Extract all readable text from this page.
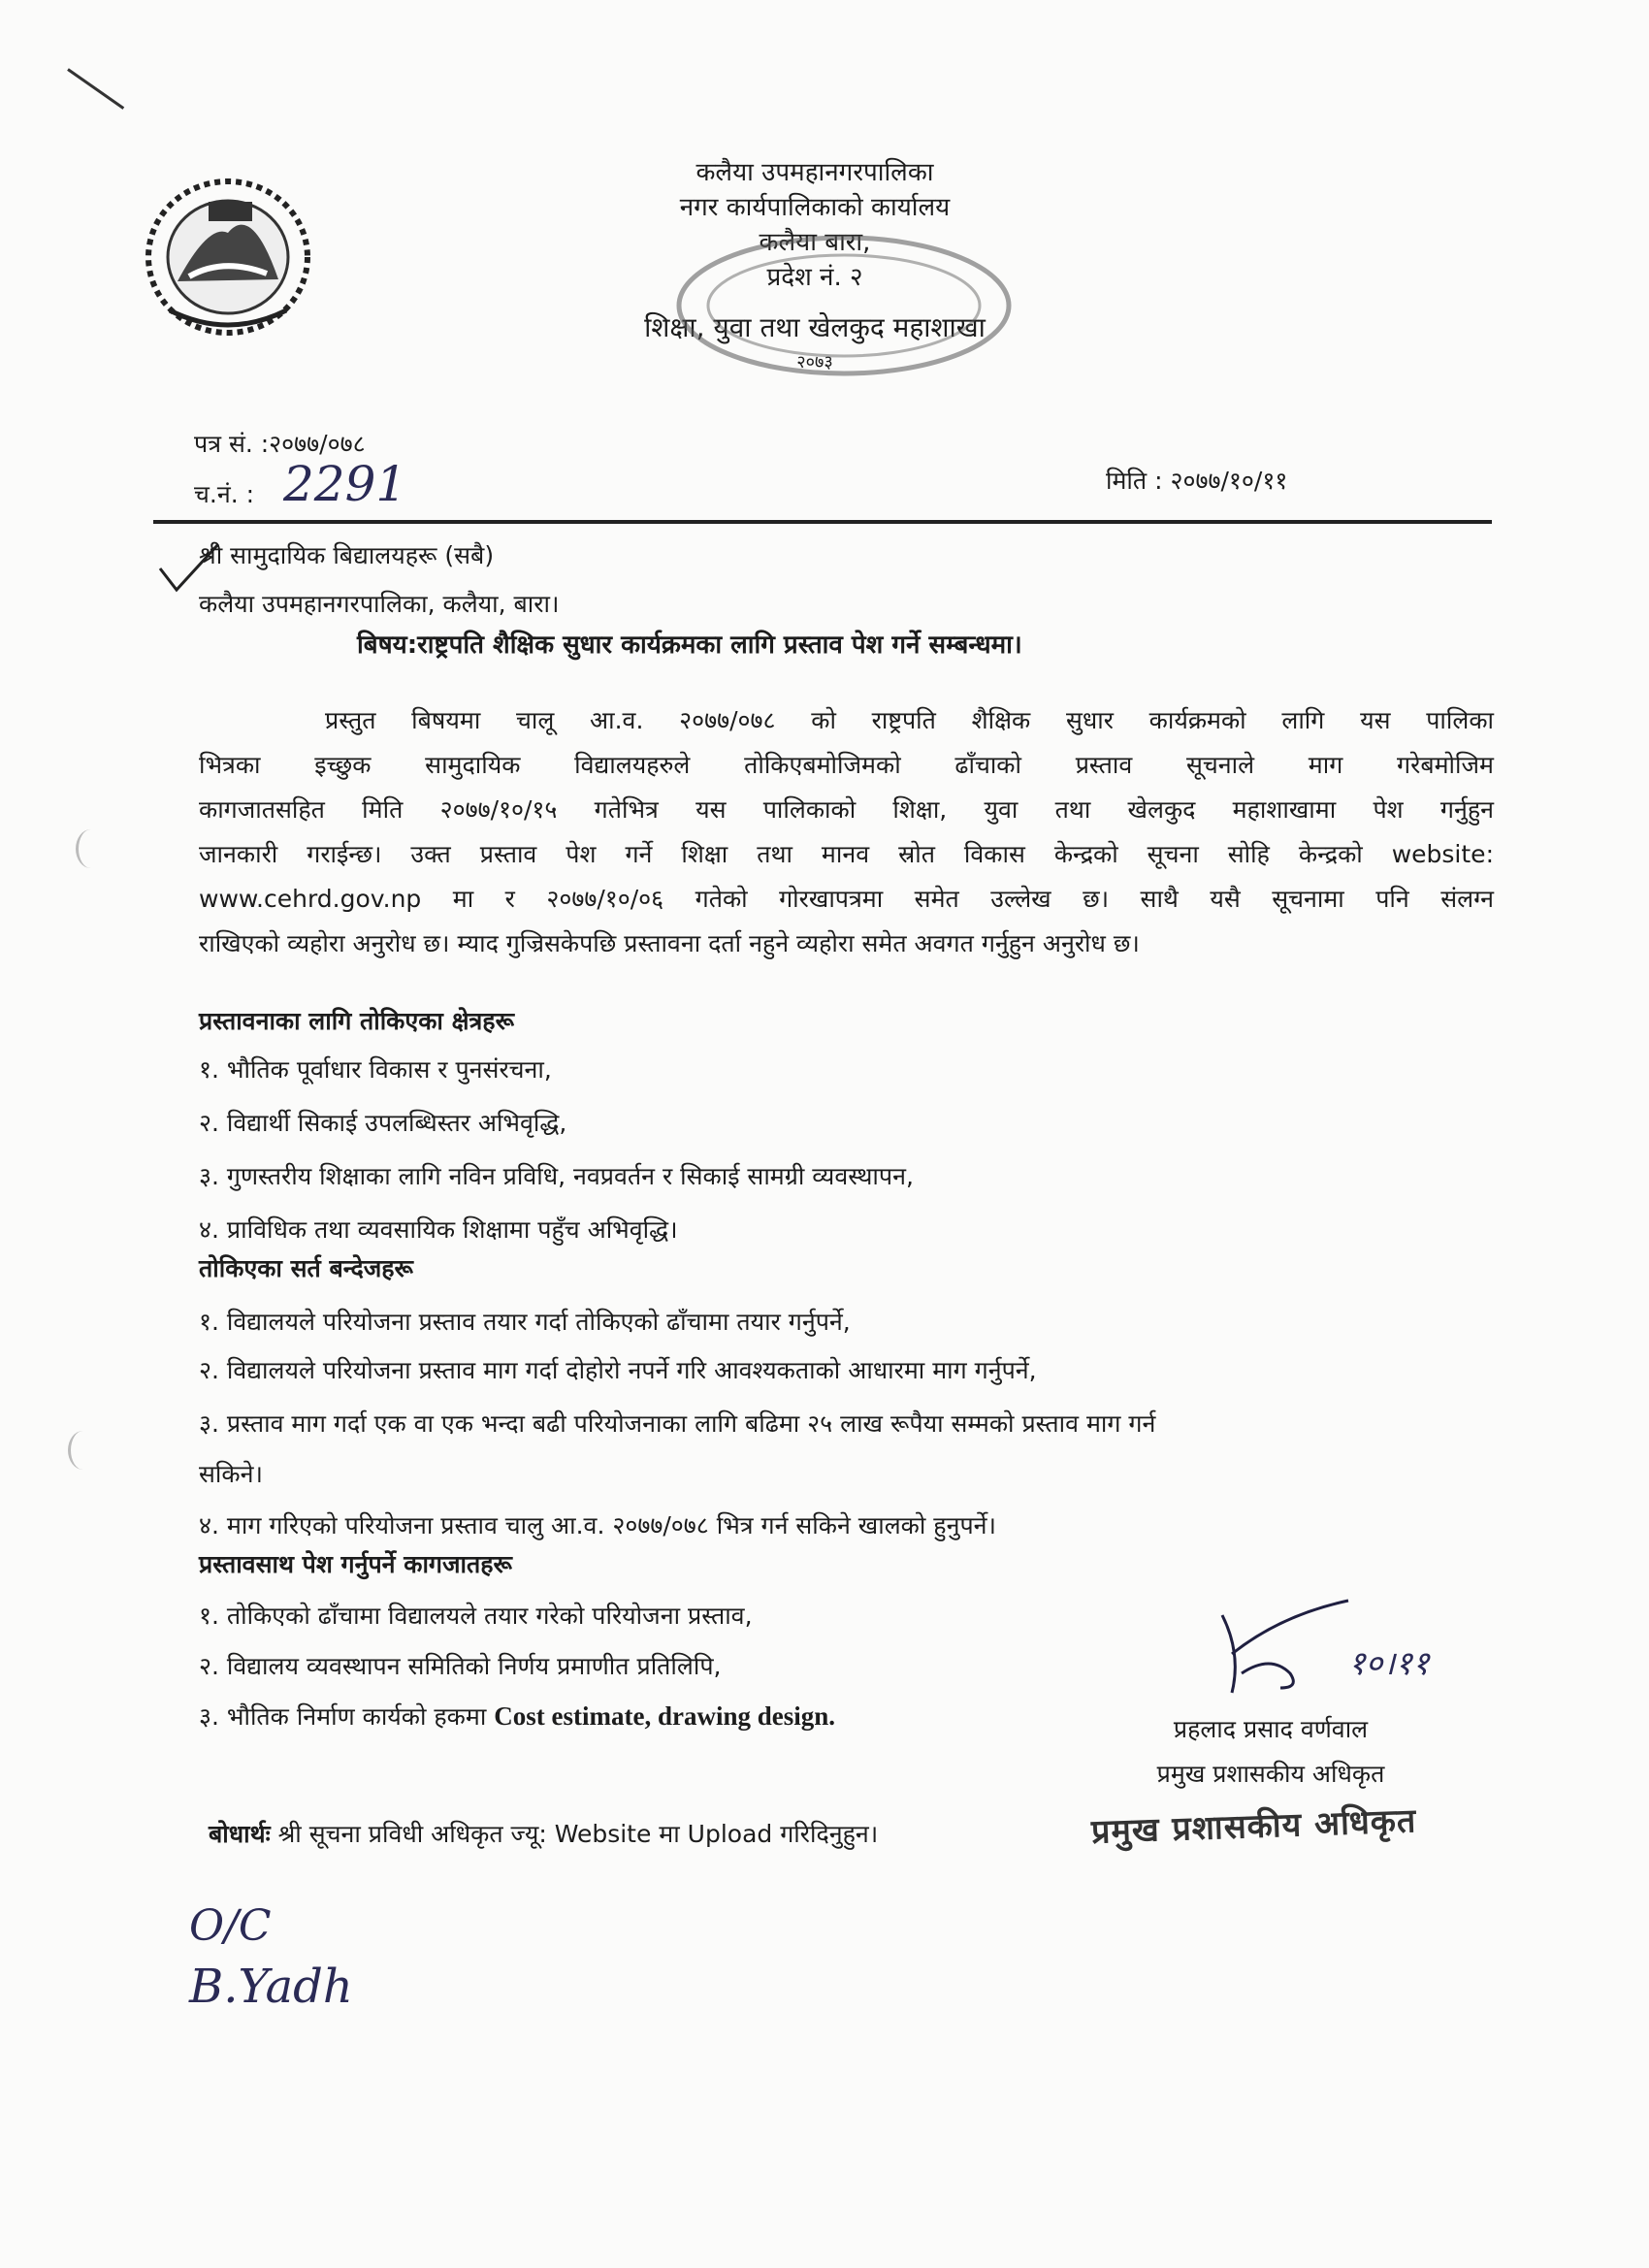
कलैया उपमहानगरपालिका
नगर कार्यपालिकाको कार्यालय
कलैया बारा,
प्रदेश नं. २
शिक्षा, युवा तथा खेलकुद महाशाखा
२०७३
पत्र सं. :२०७७/०७८
च.नं. : 2291	मिति : २०७७/१०/११
श्री सामुदायिक बिद्यालयहरू (सबै)
कलैया उपमहानगरपालिका, कलैया, बारा।
बिषय:राष्ट्रपति शैक्षिक सुधार कार्यक्रमका लागि प्रस्ताव पेश गर्ने सम्बन्धमा।
प्रस्तुत बिषयमा चालू आ.व. २०७७/०७८ को राष्ट्रपति शैक्षिक सुधार कार्यक्रमको लागि यस पालिका
भित्रका इच्छुक सामुदायिक विद्यालयहरुले तोकिएबमोजिमको ढाँचाको प्रस्ताव सूचनाले माग गरेबमोजिम
कागजातसहित मिति २०७७/१०/१५ गतेभित्र यस पालिकाको शिक्षा, युवा तथा खेलकुद महाशाखामा पेश गर्नुहुन
जानकारी गराईन्छ। उक्त प्रस्ताव पेश गर्ने शिक्षा तथा मानव स्रोत विकास केन्द्रको सूचना सोहि केन्द्रको website:
www.cehrd.gov.np मा र २०७७/१०/०६ गतेको गोरखापत्रमा समेत उल्लेख छ। साथै यसै सूचनामा पनि संलग्न
राखिएको व्यहोरा अनुरोध छ। म्याद गुज्रिसकेपछि प्रस्तावना दर्ता नहुने व्यहोरा समेत अवगत गर्नुहुन अनुरोध छ।
प्रस्तावनाका लागि तोकिएका क्षेत्रहरू
१. भौतिक पूर्वाधार विकास र पुनसंरचना,
२. विद्यार्थी सिकाई उपलब्धिस्तर अभिवृद्धि,
३. गुणस्तरीय शिक्षाका लागि नविन प्रविधि, नवप्रवर्तन र सिकाई सामग्री व्यवस्थापन,
४. प्राविधिक तथा व्यवसायिक शिक्षामा पहुँच अभिवृद्धि।
तोकिएका सर्त बन्देजहरू
१. विद्यालयले परियोजना प्रस्ताव तयार गर्दा तोकिएको ढाँचामा तयार गर्नुपर्ने,
२. विद्यालयले परियोजना प्रस्ताव माग गर्दा दोहोरो नपर्ने गरि आवश्यकताको आधारमा माग गर्नुपर्ने,
३. प्रस्ताव माग गर्दा एक वा एक भन्दा बढी परियोजनाका लागि बढिमा २५ लाख रूपैया सम्मको प्रस्ताव माग गर्न
सकिने।
४. माग गरिएको परियोजना प्रस्ताव चालु आ.व. २०७७/०७८ भित्र गर्न सकिने खालको हुनुपर्ने।
प्रस्तावसाथ पेश गर्नुपर्ने कागजातहरू
१. तोकिएको ढाँचामा विद्यालयले तयार गरेको परियोजना प्रस्ताव,
२. विद्यालय व्यवस्थापन समितिको निर्णय प्रमाणीत प्रतिलिपि,
३. भौतिक निर्माण कार्यको हकमा Cost estimate, drawing design.
१०।११
प्रहलाद प्रसाद वर्णवाल
प्रमुख प्रशासकीय अधिकृत
प्रमुख प्रशासकीय अधिकृत
बोधार्थः श्री सूचना प्रविधी अधिकृत ज्यू: Website मा Upload गरिदिनुहुन।
O/C
B.Yadh
